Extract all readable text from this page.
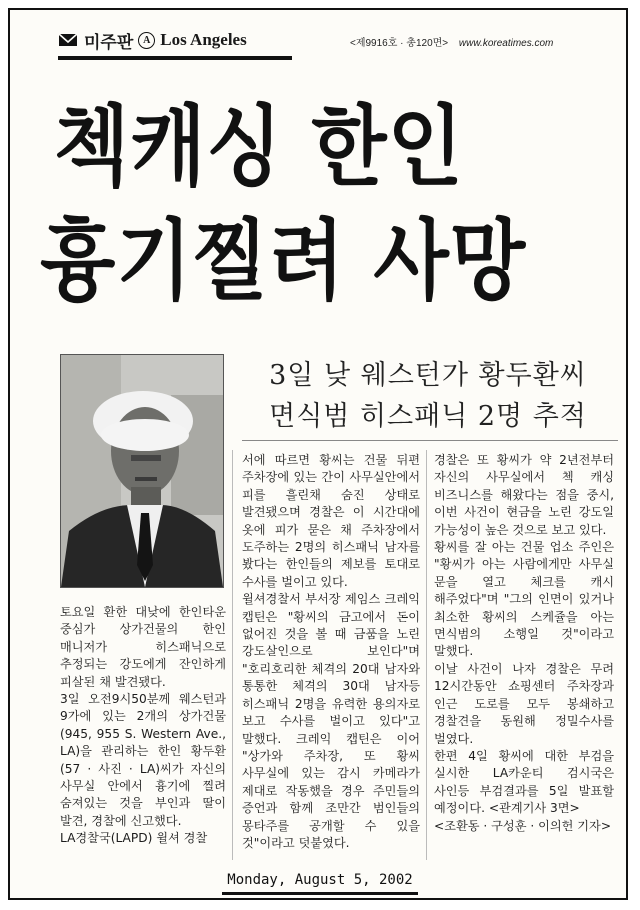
미주판 A Los Angeles	<제9916호 · 총120면> www.koreatimes.com
첵캐싱 한인
흉기찔려 사망
3일 낮 웨스턴가 황두환씨
면식범 히스패닉 2명 추적
토요일 환한 대낮에 한인타운 중심가 상가건물의 한인 매니저가 히스패닉으로 추정되는 강도에게 잔인하게 피살된 채 발견됐다.
3일 오전9시50분께 웨스턴과 9가에 있는 2개의 상가건물 (945, 955 S. Western Ave., LA)을 관리하는 한인 황두환 (57 · 사진 · LA)씨가 자신의 사무실 안에서 흉기에 찔려 숨져있는 것을 부인과 딸이 발견, 경찰에 신고했다.
LA경찰국(LAPD) 윌셔 경찰
서에 따르면 황씨는 건물 뒤편 주차장에 있는 간이 사무실안에서 피를 흘린채 숨진 상태로 발견됐으며 경찰은 이 시간대에 옷에 피가 묻은 채 주차장에서 도주하는 2명의 히스패닉 남자를 봤다는 한인들의 제보를 토대로 수사를 벌이고 있다.
윌셔경찰서 부서장 제임스 크레익 캡틴은 "황씨의 금고에서 돈이 없어진 것을 볼 때 금품을 노린 강도살인으로 보인다"며 "호리호리한 체격의 20대 남자와 통통한 체격의 30대 남자등 히스패닉 2명을 유력한 용의자로 보고 수사를 벌이고 있다"고 말했다. 크레익 캡틴은 이어 "상가와 주차장, 또 황씨 사무실에 있는 감시 카메라가 제대로 작동했을 경우 주민들의 증언과 함께 조만간 범인들의 몽타주를 공개할 수 있을 것"이라고 덧붙였다.
경찰은 또 황씨가 약 2년전부터 자신의 사무실에서 첵 캐싱 비즈니스를 해왔다는 점을 중시, 이번 사건이 현금을 노린 강도일 가능성이 높은 것으로 보고 있다.
황씨를 잘 아는 건물 업소 주인은 "황씨가 아는 사람에게만 사무실 문을 열고 체크를 캐시 해주었다"며 "그의 인면이 있거나 최소한 황씨의 스케쥴을 아는 면식범의 소행일 것"이라고 말했다.
이날 사건이 나자 경찰은 무려 12시간동안 쇼핑센터 주차장과 인근 도로를 모두 봉쇄하고 경찰견을 동원해 정밀수사를 벌였다.
한편 4일 황씨에 대한 부검을 실시한 LA카운티 검시국은 사인등 부검결과를 5일 발표할 예정이다. <관계기사 3면>
<조환동 · 구성훈 · 이의헌 기자>
Monday, August 5, 2002
